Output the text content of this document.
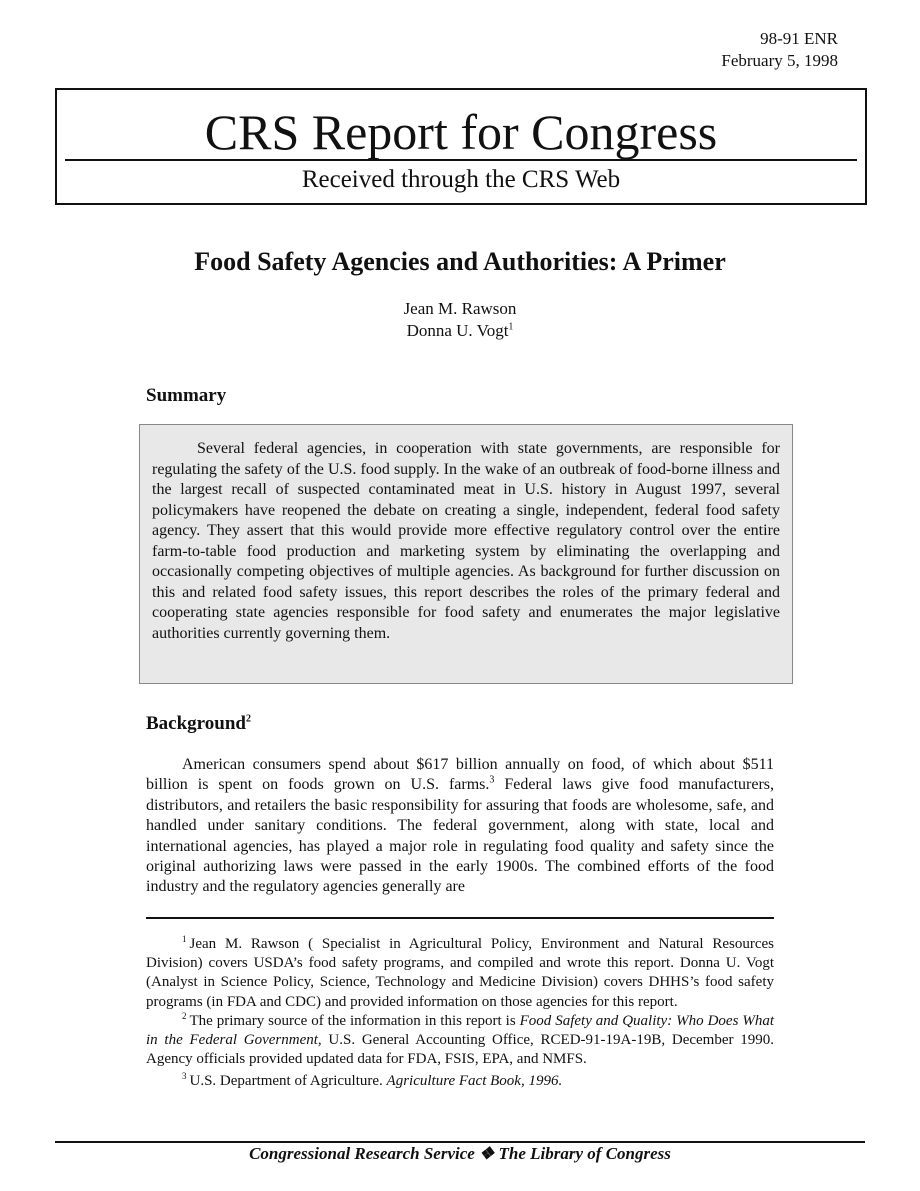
98-91 ENR
February 5, 1998
CRS Report for Congress
Received through the CRS Web
Food Safety Agencies and Authorities: A Primer
Jean M. Rawson
Donna U. Vogt$^1$
Summary

Several federal agencies, in cooperation with state governments, are responsible for regulating the safety of the U.S. food supply. In the wake of an outbreak of food-borne illness and the largest recall of suspected contaminated meat in U.S. history in August 1997, several policymakers have reopened the debate on creating a single, independent, federal food safety agency. They assert that this would provide more effective regulatory control over the entire farm-to-table food production and marketing system by eliminating the overlapping and occasionally competing objectives of multiple agencies. As background for further discussion on this and related food safety issues, this report describes the roles of the primary federal and cooperating state agencies responsible for food safety and enumerates the major legislative authorities currently governing them.

Background$^2$

American consumers spend about $617 billion annually on food, of which about $511 billion is spent on foods grown on U.S. farms.$^3$ Federal laws give food manufacturers, distributors, and retailers the basic responsibility for assuring that foods are wholesome, safe, and handled under sanitary conditions. The federal government, along with state, local and international agencies, has played a major role in regulating food quality and safety since the original authorizing laws were passed in the early 1900s. The combined efforts of the food industry and the regulatory agencies generally are

$^1$ Jean M. Rawson ( Specialist in Agricultural Policy, Environment and Natural Resources Division) covers USDA’s food safety programs, and compiled and wrote this report. Donna U. Vogt (Analyst in Science Policy, Science, Technology and Medicine Division) covers DHHS’s food safety programs (in FDA and CDC) and provided information on those agencies for this report.

$^2$ The primary source of the information in this report is Food Safety and Quality: Who Does What in the Federal Government, U.S. General Accounting Office, RCED-91-19A-19B, December 1990. Agency officials provided updated data for FDA, FSIS, EPA, and NMFS.

$^3$ U.S. Department of Agriculture. Agriculture Fact Book, 1996.

Congressional Research Service ❖ The Library of Congress
